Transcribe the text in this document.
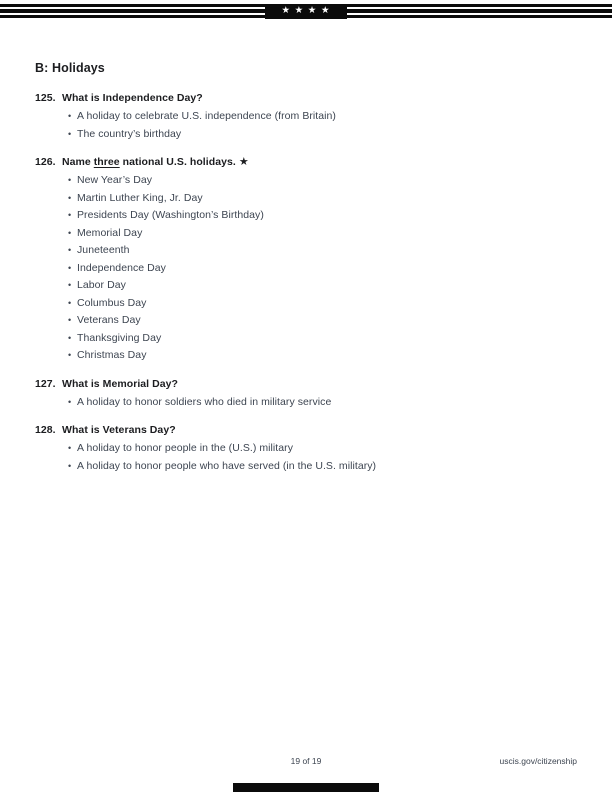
★ ★ ★ ★
B: Holidays
125. What is Independence Day?
• A holiday to celebrate U.S. independence (from Britain)
• The country’s birthday
126. Name three national U.S. holidays. ★
• New Year’s Day
• Martin Luther King, Jr. Day
• Presidents Day (Washington’s Birthday)
• Memorial Day
• Juneteenth
• Independence Day
• Labor Day
• Columbus Day
• Veterans Day
• Thanksgiving Day
• Christmas Day
127. What is Memorial Day?
• A holiday to honor soldiers who died in military service
128. What is Veterans Day?
• A holiday to honor people in the (U.S.) military
• A holiday to honor people who have served (in the U.S. military)
19 of 19	uscis.gov/citizenship
